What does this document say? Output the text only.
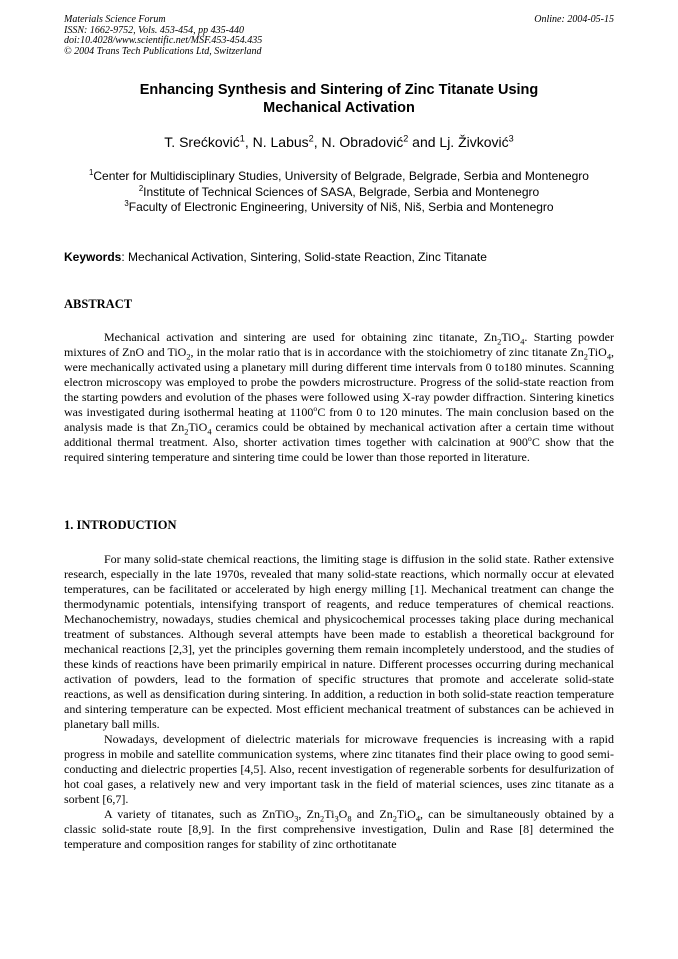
Materials Science Forum
ISSN: 1662-9752, Vols. 453-454, pp 435-440
doi:10.4028/www.scientific.net/MSF.453-454.435
© 2004 Trans Tech Publications Ltd, Switzerland
Online: 2004-05-15
Enhancing Synthesis and Sintering of Zinc Titanate Using
Mechanical Activation
T. Srećković$^1$, N. Labus$^2$, N. Obradović$^2$ and Lj. Živković$^3$
$^1$Center for Multidisciplinary Studies, University of Belgrade, Belgrade, Serbia and Montenegro
$^2$Institute of Technical Sciences of SASA, Belgrade, Serbia and Montenegro
$^3$Faculty of Electronic Engineering, University of Niš, Niš, Serbia and Montenegro
Keywords: Mechanical Activation, Sintering, Solid-state Reaction, Zinc Titanate
ABSTRACT

Mechanical activation and sintering are used for obtaining zinc titanate, $Zn_2TiO_4$. Starting powder mixtures of ZnO and TiO$_2$, in the molar ratio that is in accordance with the stoichiometry of zinc titanate $Zn_2TiO_4$, were mechanically activated using a planetary mill during different time intervals from 0 to180 minutes. Scanning electron microscopy was employed to probe the powders microstructure. Progress of the solid-state reaction from the starting powders and evolution of the phases were followed using X-ray powder diffraction. Sintering kinetics was investigated during isothermal heating at 1100$^o$C from 0 to 120 minutes. The main conclusion based on the analysis made is that $Zn_2TiO_4$ ceramics could be obtained by mechanical activation after a certain time without additional thermal treatment. Also, shorter activation times together with calcination at 900$^o$C show that the required sintering temperature and sintering time could be lower than those reported in literature.

1. INTRODUCTION

For many solid-state chemical reactions, the limiting stage is diffusion in the solid state. Rather extensive research, especially in the late 1970s, revealed that many solid-state reactions, which normally occur at elevated temperatures, can be facilitated or accelerated by high energy milling [1]. Mechanical treatment can change the thermodynamic potentials, intensifying transport of reagents, and reduce temperatures of chemical reactions. Mechanochemistry, nowadays, studies chemical and physicochemical processes taking place during mechanical treatment of substances. Although several attempts have been made to establish a theoretical background for mechanical reactions [2,3], yet the principles governing them remain incompletely understood, and the studies of these kinds of reactions have been primarily empirical in nature. Different processes occurring during mechanical activation of powders, lead to the formation of specific structures that promote and accelerate solid-state reactions, as well as densification during sintering. In addition, a reduction in both solid-state reaction temperature and sintering temperature can be expected. Most efficient mechanical treatment of substances can be achieved in planetary ball mills.

Nowadays, development of dielectric materials for microwave frequencies is increasing with a rapid progress in mobile and satellite communication systems, where zinc titanates find their place owing to good semi-conducting and dielectric properties [4,5]. Also, recent investigation of regenerable sorbents for desulfurization of hot coal gases, a relatively new and very important task in the field of material sciences, uses zinc titanate as a sorbent [6,7].

A variety of titanates, such as ZnTiO$_3$, $Zn_2Ti_3O_8$ and $Zn_2TiO_4$, can be simultaneously obtained by a classic solid-state route [8,9]. In the first comprehensive investigation, Dulin and Rase [8] determined the temperature and composition ranges for stability of zinc orthotitanate
